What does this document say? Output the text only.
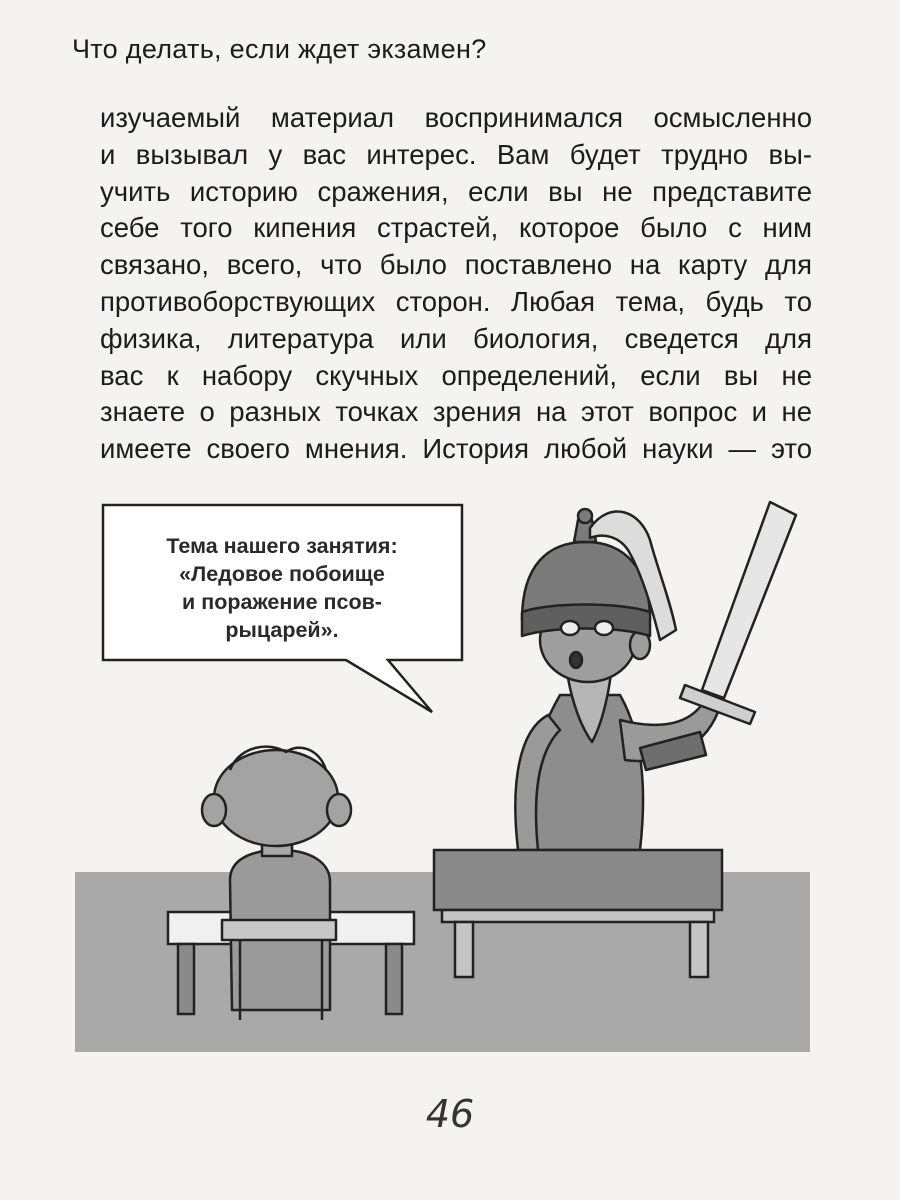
Что делать, если ждет экзамен?
изучаемый материал воспринимался осмысленно
и вызывал у вас интерес. Вам будет трудно вы-
учить историю сражения, если вы не представите
себе того кипения страстей, которое было с ним
связано, всего, что было поставлено на карту для
противоборствующих сторон. Любая тема, будь то
физика, литература или биология, сведется для
вас к набору скучных определений, если вы не
знаете о разных точках зрения на этот вопрос и не
имеете своего мнения. История любой науки — это
Тема нашего занятия:
«Ледовое побоище
и поражение псов-
рыцарей».
46
